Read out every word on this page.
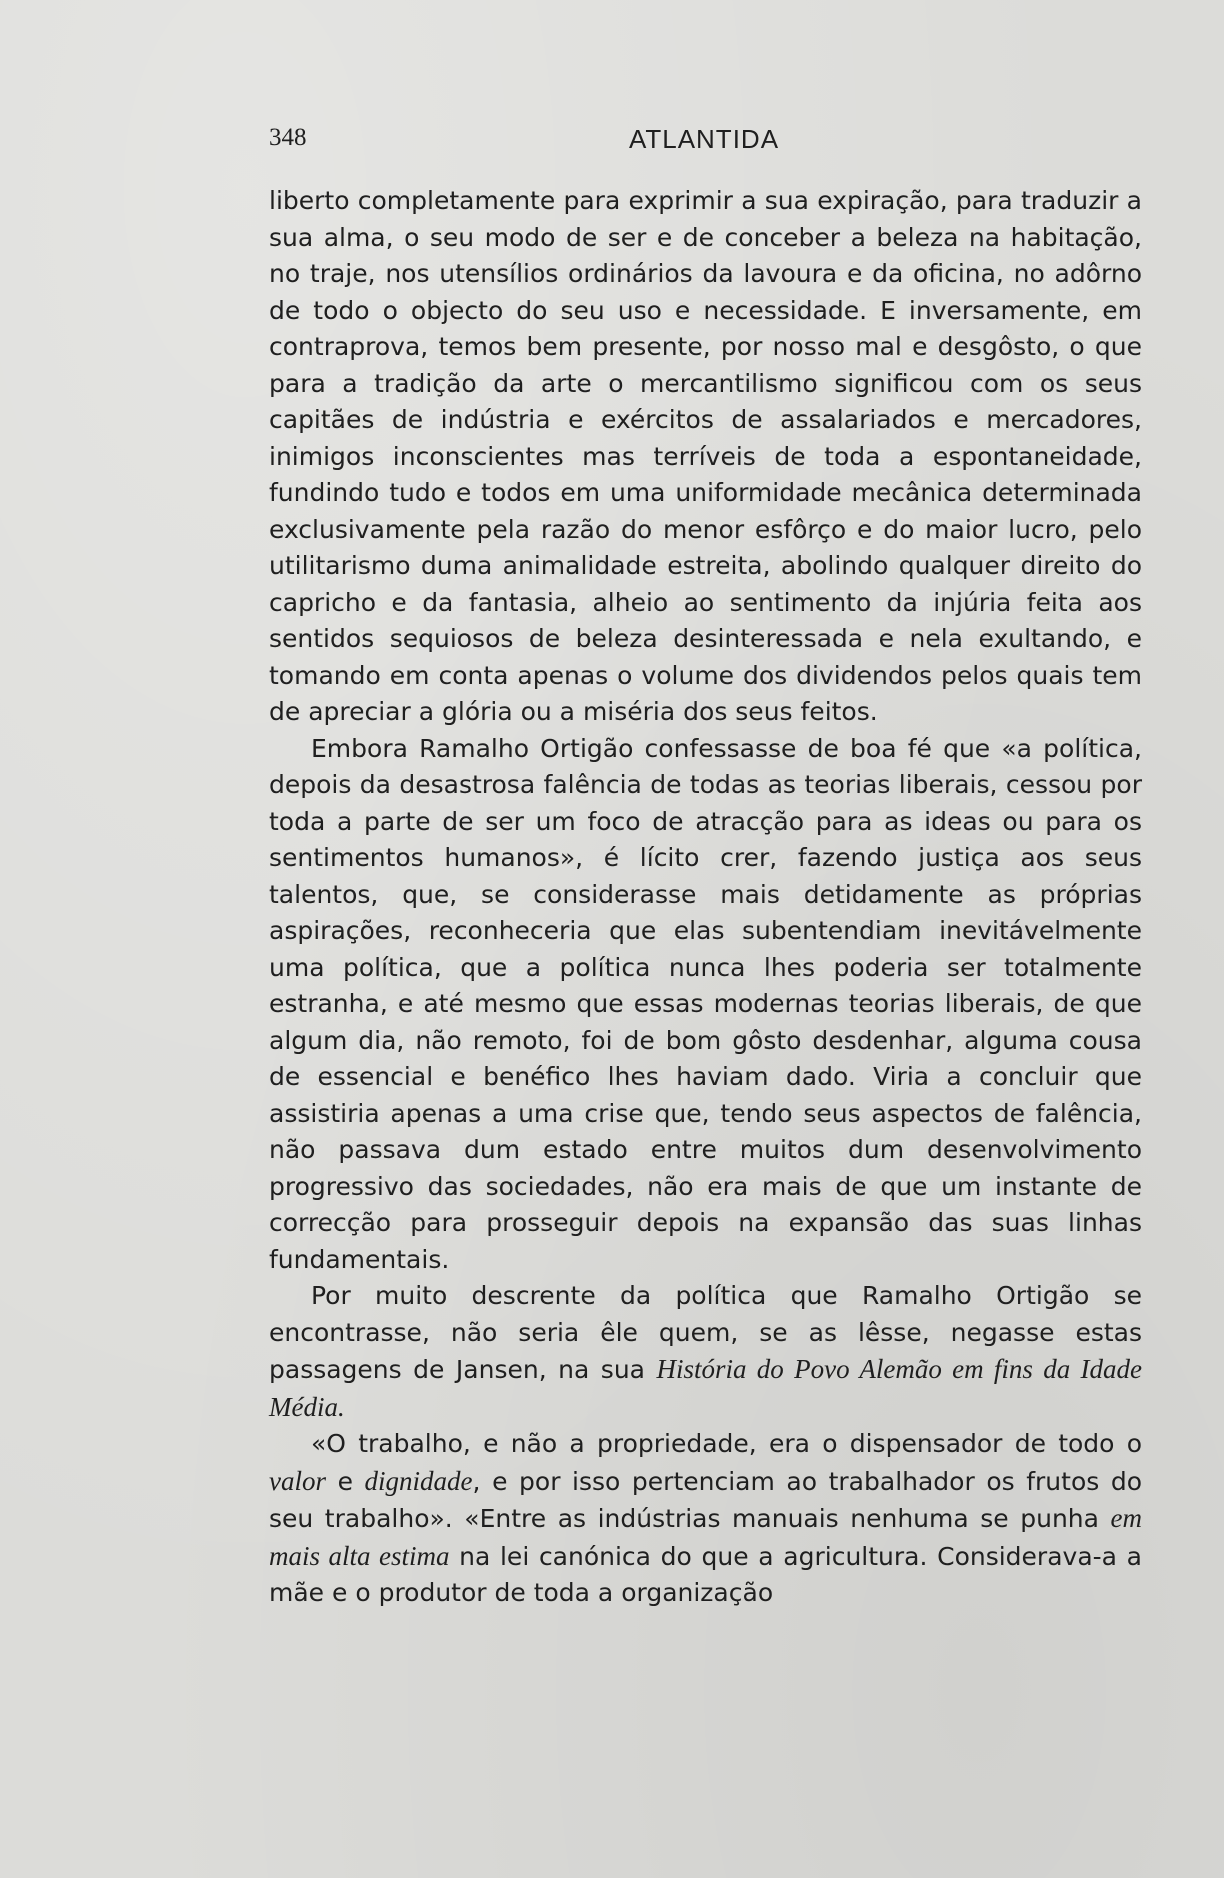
348	ATLANTIDA

liberto completamente para exprimir a sua expiração, para traduzir a sua alma, o seu modo de ser e de conceber a beleza na habitação, no traje, nos utensílios ordinários da lavoura e da oficina, no adôrno de todo o objecto do seu uso e necessidade. E inversamente, em contraprova, temos bem presente, por nosso mal e desgôsto, o que para a tradição da arte o mercantilismo significou com os seus capitães de indústria e exércitos de assalariados e mercadores, inimigos inconscientes mas terríveis de toda a espontaneidade, fundindo tudo e todos em uma uniformidade mecânica determinada exclusivamente pela razão do menor esfôrço e do maior lucro, pelo utilitarismo duma animalidade estreita, abolindo qualquer direito do capricho e da fantasia, alheio ao sentimento da injúria feita aos sentidos sequiosos de beleza desinteressada e nela exultando, e tomando em conta apenas o volume dos dividendos pelos quais tem de apreciar a glória ou a miséria dos seus feitos.

Embora Ramalho Ortigão confessasse de boa fé que «a política, depois da desastrosa falência de todas as teorias liberais, cessou por toda a parte de ser um foco de atracção para as ideas ou para os sentimentos humanos», é lícito crer, fazendo justiça aos seus talentos, que, se considerasse mais detidamente as próprias aspirações, reconheceria que elas subentendiam inevitávelmente uma política, que a política nunca lhes poderia ser totalmente estranha, e até mesmo que essas modernas teorias liberais, de que algum dia, não remoto, foi de bom gôsto desdenhar, alguma cousa de essencial e benéfico lhes haviam dado. Viria a concluir que assistiria apenas a uma crise que, tendo seus aspectos de falência, não passava dum estado entre muitos dum desenvolvimento progressivo das sociedades, não era mais de que um instante de correcção para prosseguir depois na expansão das suas linhas fundamentais.

Por muito descrente da política que Ramalho Ortigão se encontrasse, não seria êle quem, se as lêsse, negasse estas passagens de Jansen, na sua História do Povo Alemão em fins da Idade Média.

«O trabalho, e não a propriedade, era o dispensador de todo o valor e dignidade, e por isso pertenciam ao trabalhador os frutos do seu trabalho». «Entre as indústrias manuais nenhuma se punha em mais alta estima na lei canónica do que a agricultura. Considerava-a a mãe e o produtor de toda a organização
